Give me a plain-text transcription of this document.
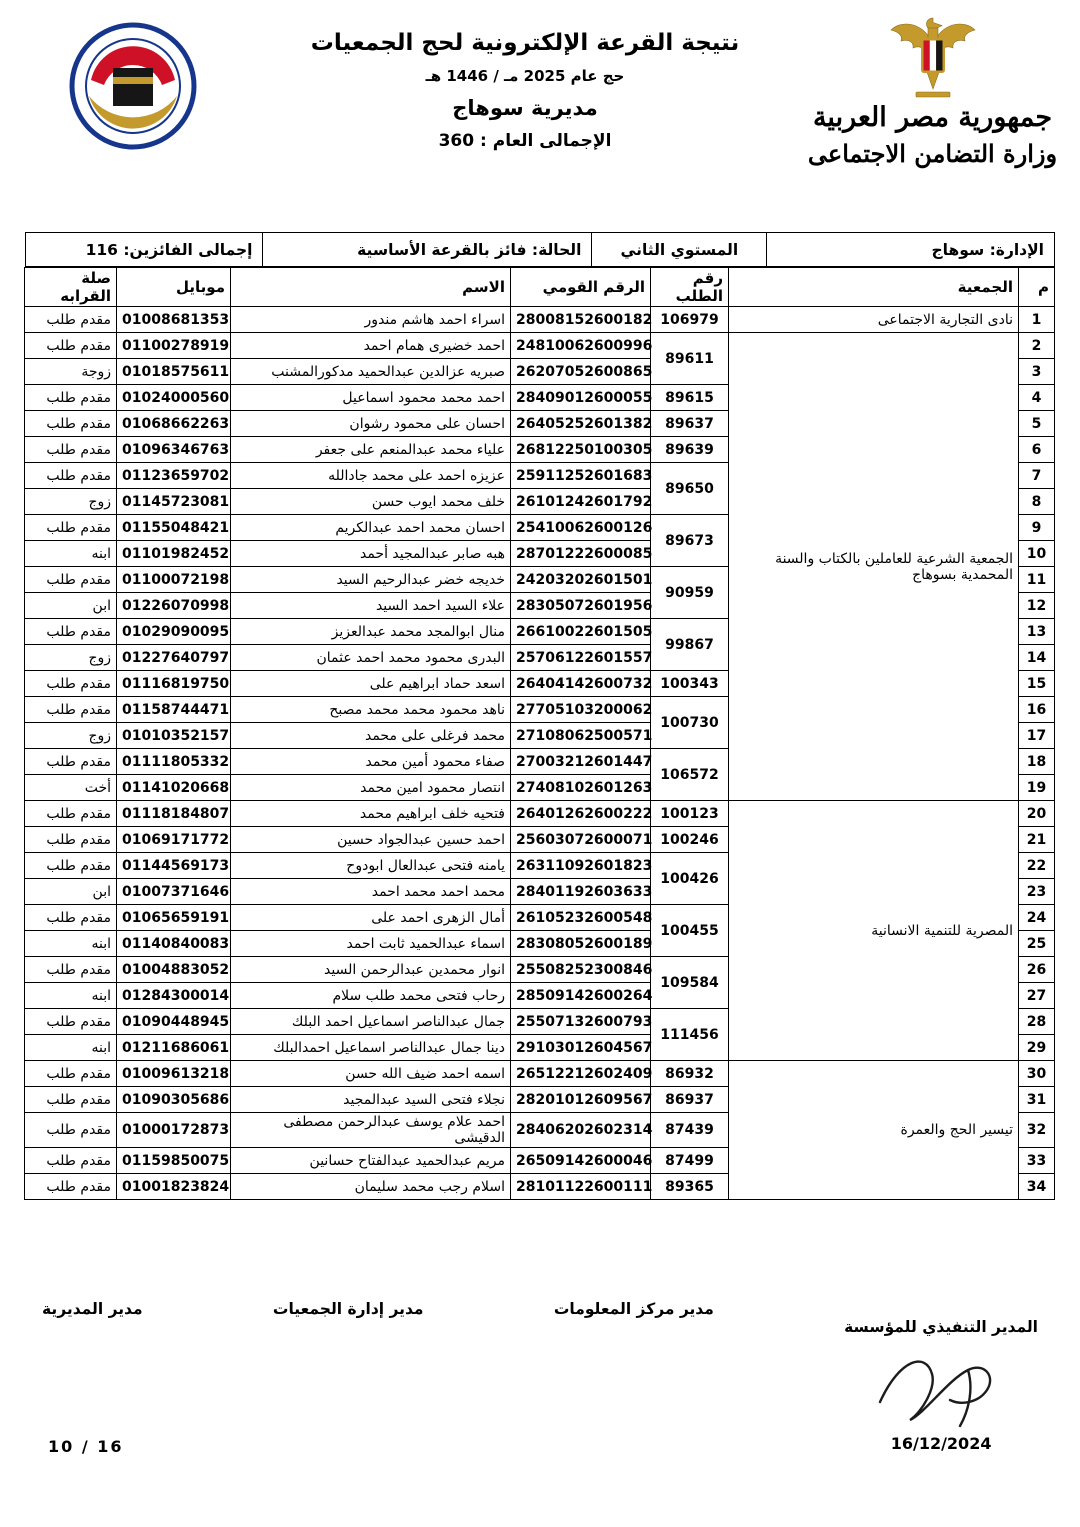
جمهورية مصر العربية
وزارة التضامن الاجتماعى
نتيجة القرعة الإلكترونية لحج الجمعيات
حج عام 2025 مـ / 1446 هـ
مديرية سوهاج
الإجمالى العام : 360
الإدارة: سوهاج
المستوي الثاني
الحالة: فائز بالقرعة الأساسية
إجمالى الفائزين: 116
م	الجمعية	رقم الطلب	الرقم القومي	الاسم	موبايل	صلة القرابه
1	نادى التجارية الاجتماعى	106979	28008152600182	اسراء احمد هاشم مندور	01008681353	مقدم طلب
2	الجمعية الشرعية للعاملين بالكتاب والسنة المحمدية بسوهاج	89611	24810062600996	احمد خضيرى همام احمد	01100278919	مقدم طلب
3			26207052600865	صبريه عزالدين عبدالحميد مدكورالمشنب	01018575611	زوجة
4		89615	28409012600055	احمد محمد محمود اسماعيل	01024000560	مقدم طلب
5		89637	26405252601382	احسان على محمود رشوان	01068662263	مقدم طلب
6		89639	26812250100305	علياء محمد عبدالمنعم على جعفر	01096346763	مقدم طلب
7		89650	25911252601683	عزيزه احمد على محمد جادالله	01123659702	مقدم طلب
8			26101242601792	خلف محمد ايوب حسن	01145723081	زوج
9		89673	25410062600126	احسان محمد احمد عبدالكريم	01155048421	مقدم طلب
10			28701222600085	هبه صابر عبدالمجيد أحمد	01101982452	ابنه
11		90959	24203202601501	خديجه خضر عبدالرحيم السيد	01100072198	مقدم طلب
12			28305072601956	علاء السيد احمد السيد	01226070998	ابن
13		99867	26610022601505	منال ابوالمجد محمد عبدالعزيز	01029090095	مقدم طلب
14			25706122601557	البدرى محمود محمد احمد عثمان	01227640797	زوج
15		100343	26404142600732	اسعد حماد ابراهيم على	01116819750	مقدم طلب
16		100730	27705103200062	ناهد محمود محمد محمد مصبح	01158744471	مقدم طلب
17			27108062500571	محمد فرغلى على محمد	01010352157	زوج
18		106572	27003212601447	صفاء محمود أمين محمد	01111805332	مقدم طلب
19			27408102601263	انتصار محمود امين محمد	01141020668	أخت
20	المصرية للتنمية الانسانية	100123	26401262600222	فتحيه خلف ابراهيم محمد	01118184807	مقدم طلب
21		100246	25603072600071	احمد حسين عبدالجواد حسين	01069171772	مقدم طلب
22		100426	26311092601823	يامنه فتحى عبدالعال ابودوح	01144569173	مقدم طلب
23			28401192603633	محمد احمد محمد احمد	01007371646	ابن
24		100455	26105232600548	أمال الزهرى احمد على	01065659191	مقدم طلب
25			28308052600189	اسماء عبدالحميد ثابت احمد	01140840083	ابنه
26		109584	25508252300846	انوار محمدين عبدالرحمن السيد	01004883052	مقدم طلب
27			28509142600264	رحاب فتحى محمد طلب سلام	01284300014	ابنه
28		111456	25507132600793	جمال عبدالناصر اسماعيل احمد البلك	01090448945	مقدم طلب
29			29103012604567	دينا جمال عبدالناصر اسماعيل احمدالبلك	01211686061	ابنه
30	تيسير الحج والعمرة	86932	26512212602409	اسمه احمد ضيف الله حسن	01009613218	مقدم طلب
31		86937	28201012609567	نجلاء فتحى السيد عبدالمجيد	01090305686	مقدم طلب
32		87439	28406202602314	احمد علام يوسف عبدالرحمن مصطفى الدقيشى	01000172873	مقدم طلب
33		87499	26509142600046	مريم عبدالحميد عبدالفتاح حسانين	01159850075	مقدم طلب
34		89365	28101122600111	اسلام رجب محمد سليمان	01001823824	مقدم طلب
المدير التنفيذي للمؤسسة
16/12/2024
مدير مركز المعلومات
مدير إدارة الجمعيات
مدير المديرية
10 / 16
